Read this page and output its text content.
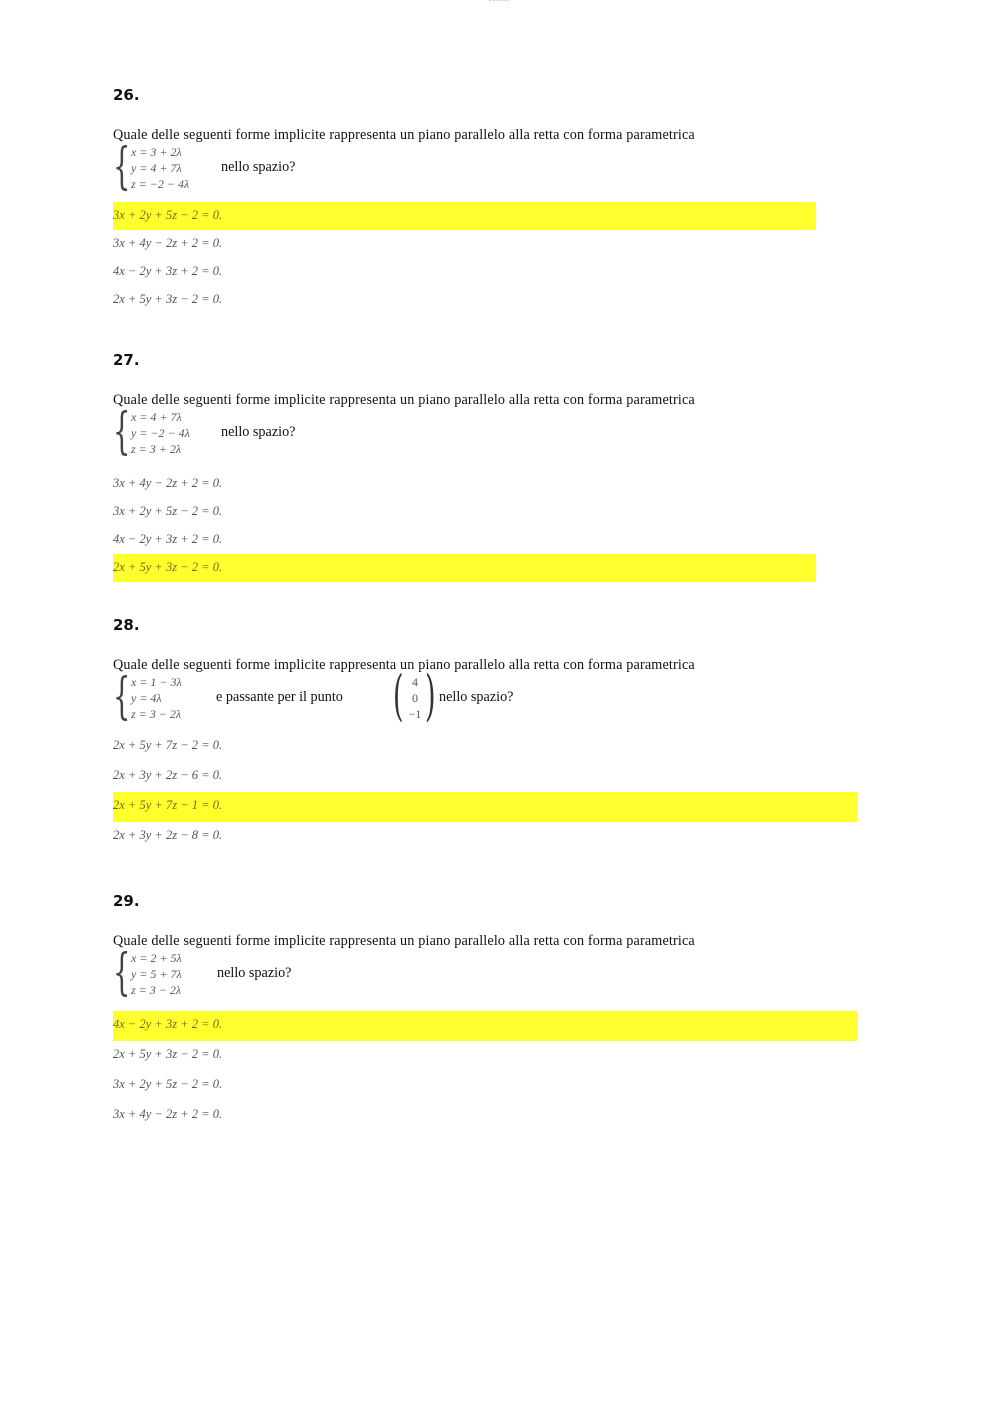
26.
Quale delle seguenti forme implicite rappresenta un piano parallelo alla retta con forma parametrica
{ x = 3 + 2λ
y = 4 + 7λ
z = −2 − 4λ
nello spazio?
3x + 2y + 5z − 2 = 0.
3x + 4y − 2z + 2 = 0.
4x − 2y + 3z + 2 = 0.
2x + 5y + 3z − 2 = 0.
27.
Quale delle seguenti forme implicite rappresenta un piano parallelo alla retta con forma parametrica
{ x = 4 + 7λ
y = −2 − 4λ
z = 3 + 2λ
nello spazio?
3x + 4y − 2z + 2 = 0.
3x + 2y + 5z − 2 = 0.
4x − 2y + 3z + 2 = 0.
2x + 5y + 3z − 2 = 0.
28.
Quale delle seguenti forme implicite rappresenta un piano parallelo alla retta con forma parametrica
{ x = 1 − 3λ
y = 4λ
z = 3 − 2λ
e passante per il punto ( 4
0
−1 ) nello spazio?
2x + 5y + 7z − 2 = 0.
2x + 3y + 2z − 6 = 0.
2x + 5y + 7z − 1 = 0.
2x + 3y + 2z − 8 = 0.
29.
Quale delle seguenti forme implicite rappresenta un piano parallelo alla retta con forma parametrica
{ x = 2 + 5λ
y = 5 + 7λ
z = 3 − 2λ
nello spazio?
4x − 2y + 3z + 2 = 0.
2x + 5y + 3z − 2 = 0.
3x + 2y + 5z − 2 = 0.
3x + 4y − 2z + 2 = 0.
